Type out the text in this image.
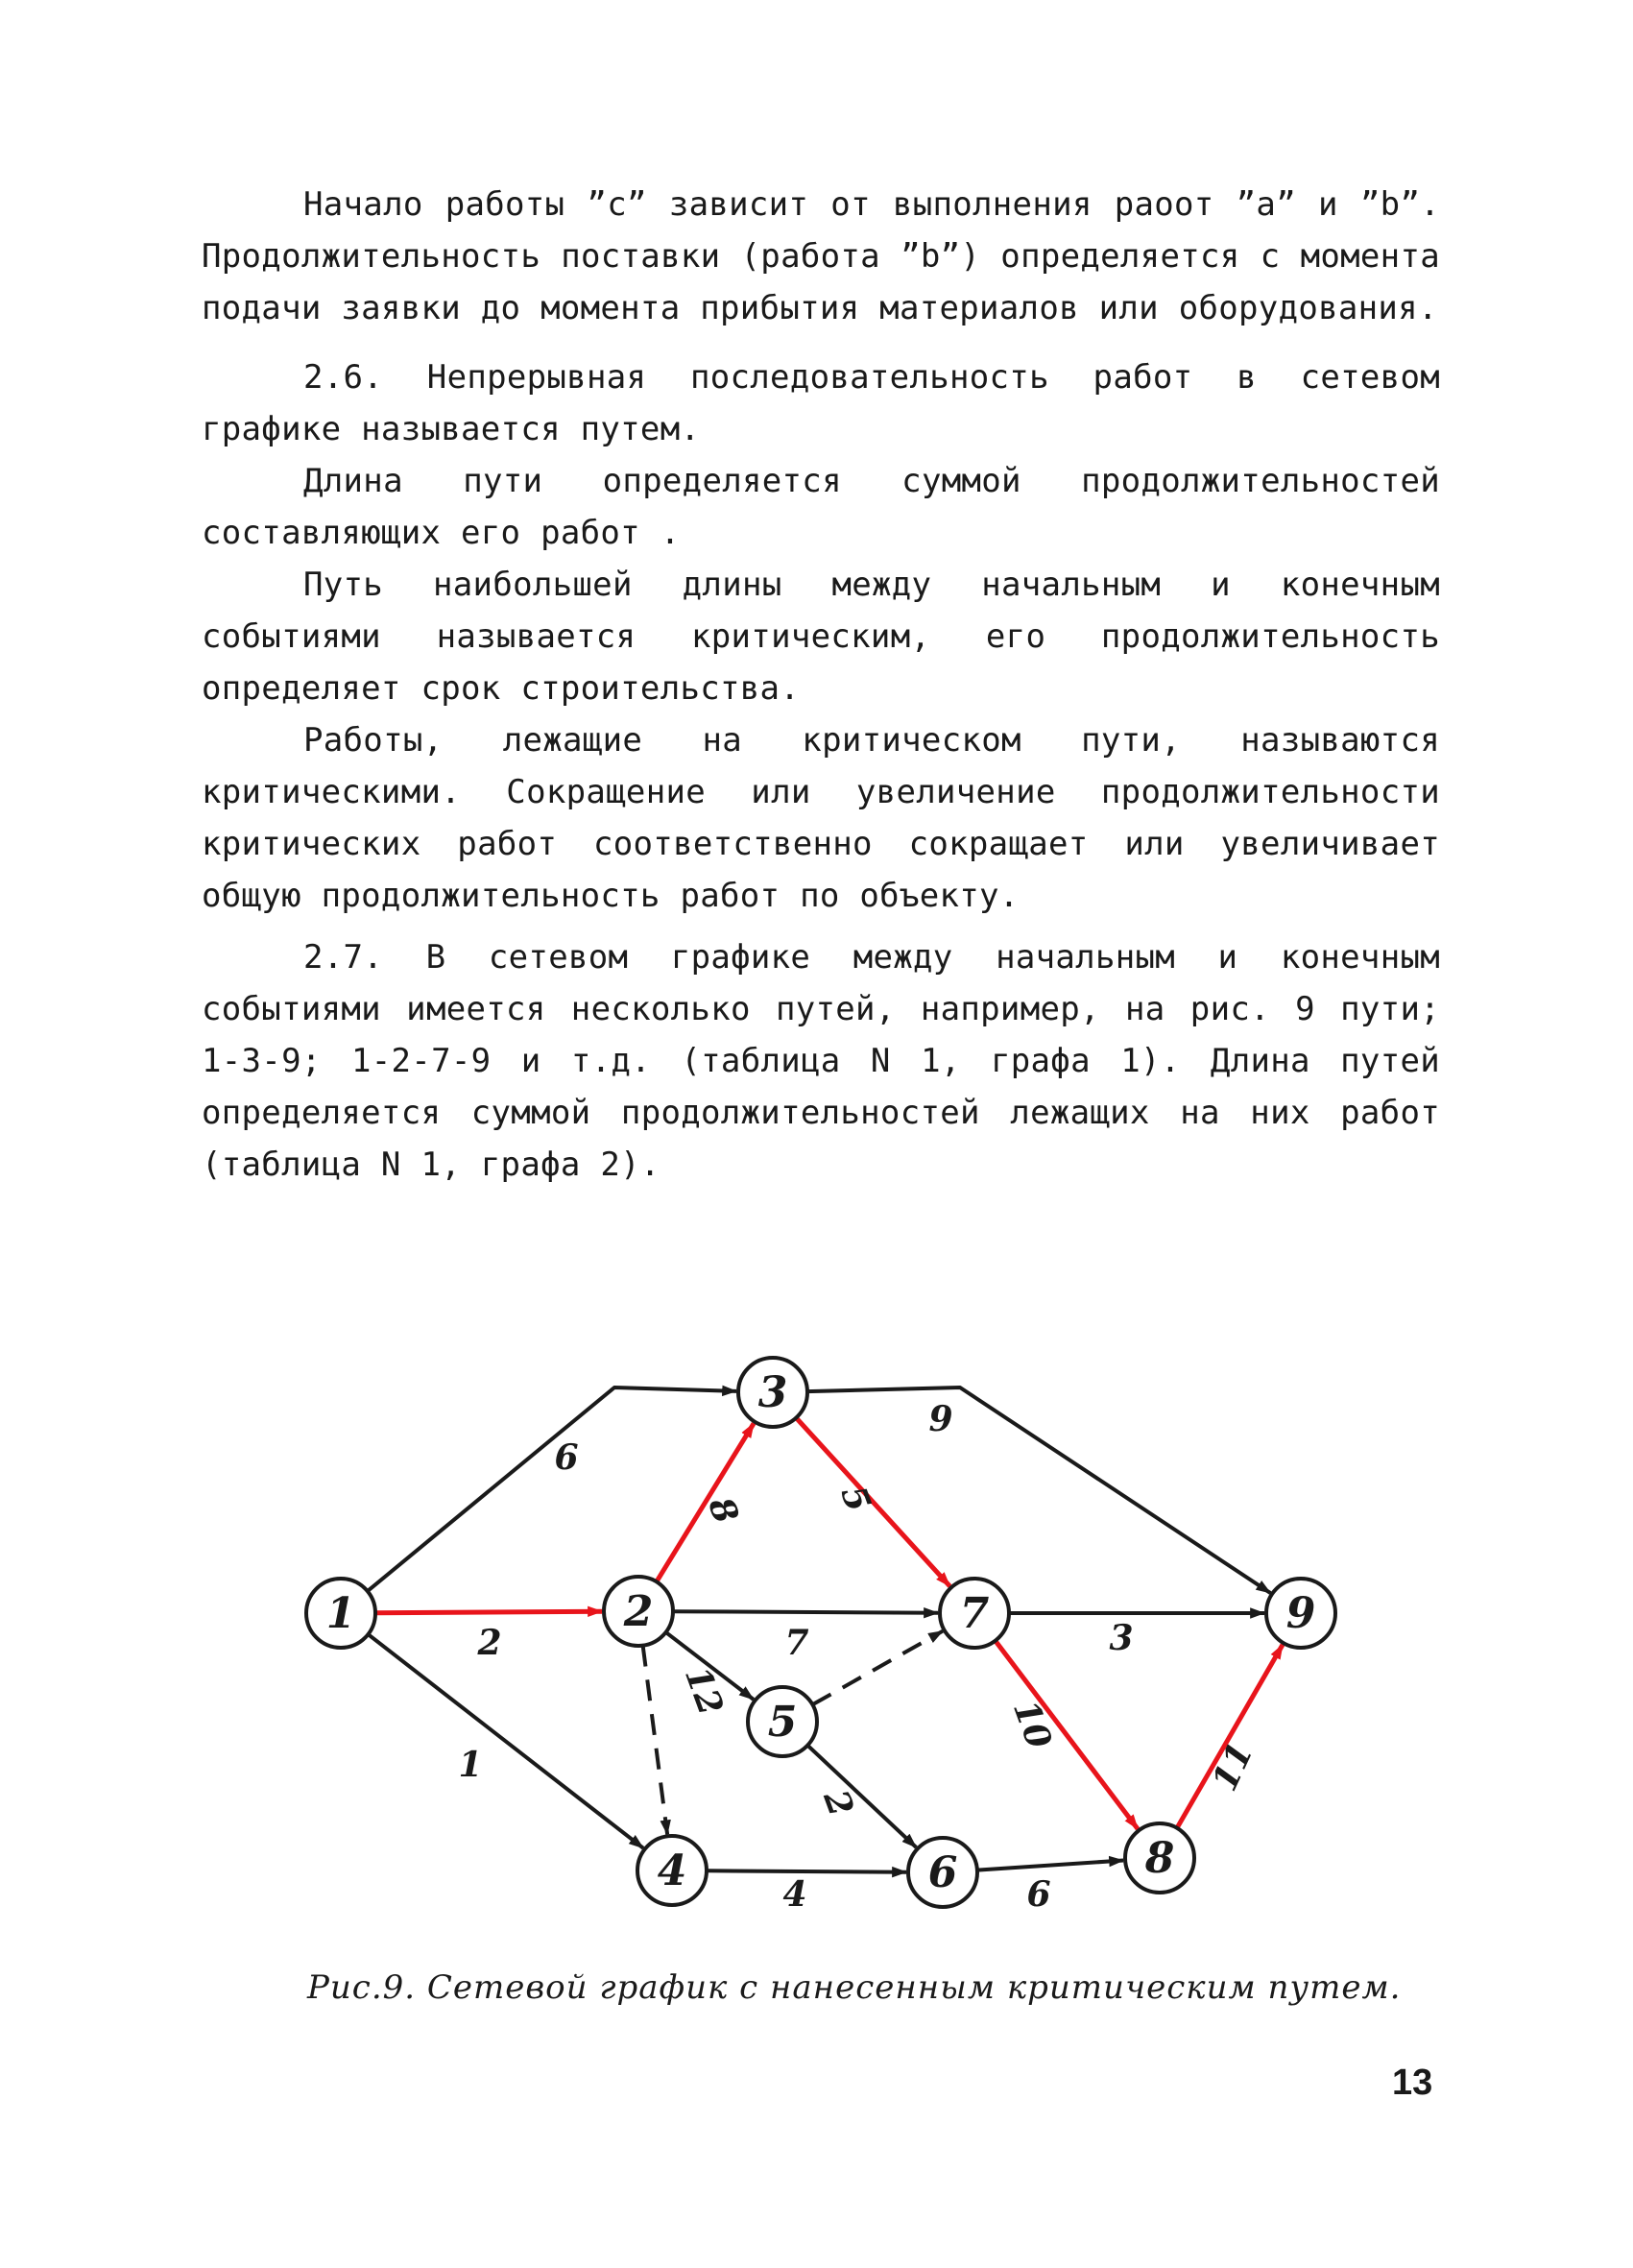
Начало работы ”c” зависит от выполнения раоот ”a” и ”b”. Продолжительность поставки (работа ”b”) определяется с момента подачи заявки до момента прибытия материалов или оборудования.

2.6. Непрерывная последовательность работ в сетевом графике называется путем.

Длина пути определяется суммой продолжительностей составляющих его работ .

Путь наибольшей длины между начальным и конечным событиями называется критическим, его продолжительность определяет срок строительства.

Работы, лежащие на критическом пути, называются критическими. Сокращение или увеличение продолжительности критических работ соответственно сокращает или увеличивает общую продолжительность работ по объекту.

2.7. В сетевом графике между начальным и конечным событиями имеется несколько путей, например, на рис. 9 пути; 1-3-9; 1-2-7-9 и т.д. (таблица N 1, графа 1). Длина путей определяется суммой продолжительностей лежащих на них работ (таблица N 1, графа 2).

2
6
1
8
7
12
5
9
2
4	6
3
10
11
1	2
3
4
5
6
7
8
9
Рис.9. Сетевой график с нанесенным критическим путем.
13
